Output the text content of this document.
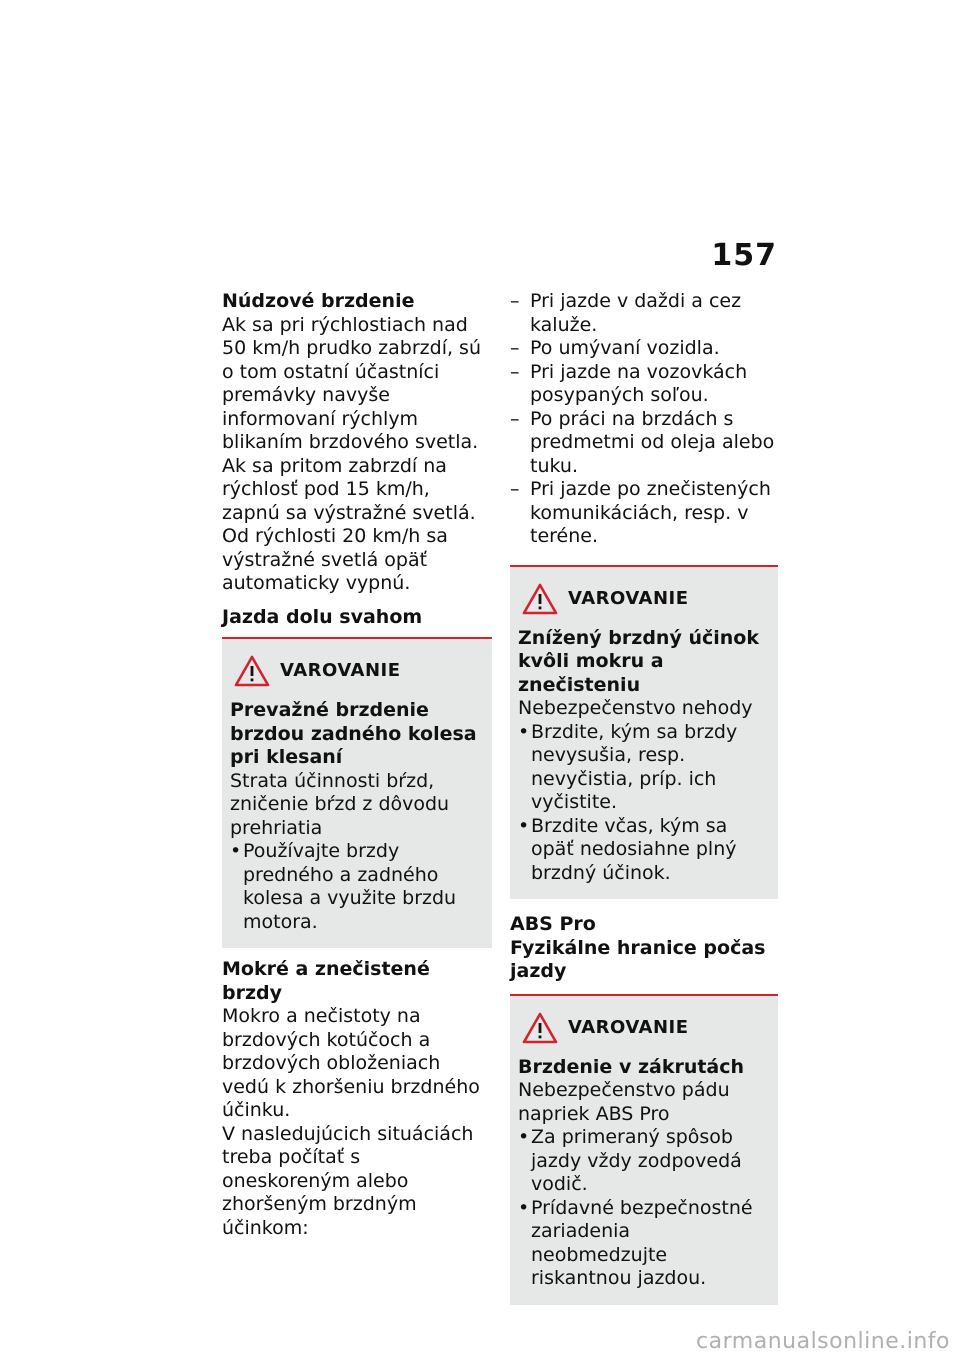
157

Núdzové brzdenie

Ak sa pri rýchlostiach nad 50 km/h prudko zabrzdí, sú o tom ostatní účastníci premávky navyše informovaní rýchlym blikaním brzdového svetla.

Ak sa pritom zabrzdí na rýchlosť pod 15 km/h, zapnú sa výstražné svetlá. Od rýchlosti 20 km/h sa výstražné svetlá opäť automaticky vypnú.

Jazda dolu svahom

VAROVANIE

Prevažné brzdenie brzdou zadného kolesa pri klesaní

Strata účinnosti bŕzd, zničenie bŕzd z dôvodu prehriatia

• Používajte brzdy predného a zadného kolesa a využite brzdu motora.

Mokré a znečistené brzdy

Mokro a nečistoty na brzdových kotúčoch a brzdových obloženiach vedú k zhoršeniu brzdného účinku.

V nasledujúcich situáciách treba počítať s oneskoreným alebo zhoršeným brzdným účinkom:

– Pri jazde v daždi a cez kaluže.
– Po umývaní vozidla.
– Pri jazde na vozovkách posypaných soľou.
– Po práci na brzdách s predmetmi od oleja alebo tuku.
– Pri jazde po znečistených komunikáciách, resp. v teréne.
VAROVANIE

Znížený brzdný účinok kvôli mokru a znečisteniu

Nebezpečenstvo nehody

• Brzdite, kým sa brzdy nevysušia, resp. nevyčistia, príp. ich vyčistite.
• Brzdite včas, kým sa opäť nedosiahne plný brzdný účinok.

ABS Pro

Fyzikálne hranice počas jazdy

VAROVANIE

Brzdenie v zákrutách

Nebezpečenstvo pádu napriek ABS Pro

• Za primeraný spôsob jazdy vždy zodpovedá vodič.
• Prídavné bezpečnostné zariadenia neobmedzujte riskantnou jazdou.
carmanualsonline.info
